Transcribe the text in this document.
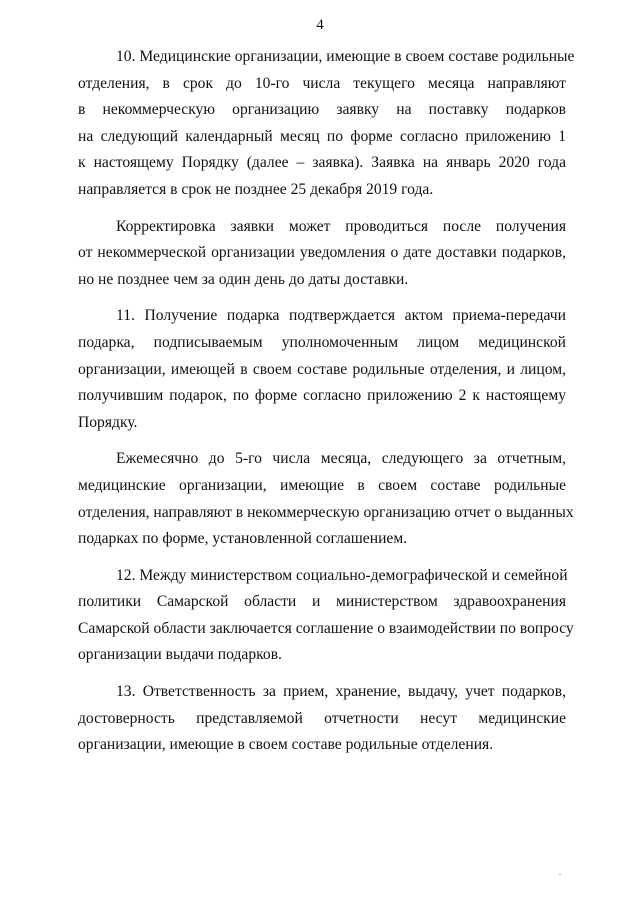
4

10. Медицинские организации, имеющие в своем составе родильные
отделения, в срок до 10-го числа текущего месяца направляют
в некоммерческую организацию заявку на поставку подарков
на следующий календарный месяц по форме согласно приложению 1
к настоящему Порядку (далее – заявка). Заявка на январь 2020 года
направляется в срок не позднее 25 декабря 2019 года.

Корректировка заявки может проводиться после получения
от некоммерческой организации уведомления о дате доставки подарков,
но не позднее чем за один день до даты доставки.

11. Получение подарка подтверждается актом приема-передачи
подарка, подписываемым уполномоченным лицом медицинской
организации, имеющей в своем составе родильные отделения, и лицом,
получившим подарок, по форме согласно приложению 2 к настоящему
Порядку.

Ежемесячно до 5-го числа месяца, следующего за отчетным,
медицинские организации, имеющие в своем составе родильные
отделения, направляют в некоммерческую организацию отчет о выданных
подарках по форме, установленной соглашением.

12. Между министерством социально-демографической и семейной
политики Самарской области и министерством здравоохранения
Самарской области заключается соглашение о взаимодействии по вопросу
организации выдачи подарков.

13. Ответственность за прием, хранение, выдачу, учет подарков,
достоверность представляемой отчетности несут медицинские
организации, имеющие в своем составе родильные отделения.

.
